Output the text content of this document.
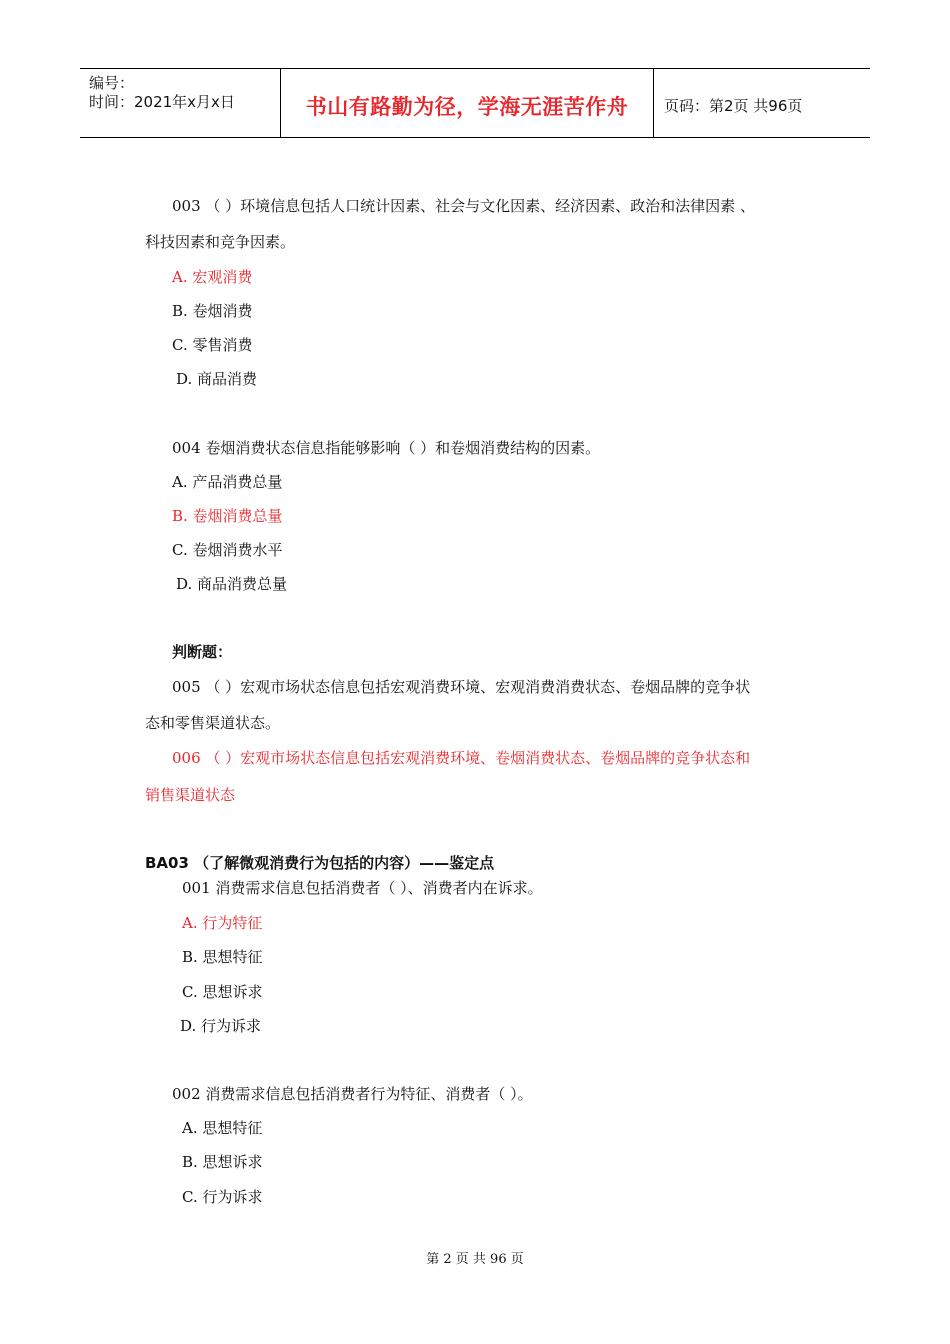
编号：
时间：2021年x月x日	书山有路勤为径，学海无涯苦作舟	页码：第2页 共96页
003 （ ）环境信息包括人口统计因素、社会与文化因素、经济因素、政治和法律因素 、
科技因素和竞争因素。
A. 宏观消费
B. 卷烟消费
C. 零售消费
D. 商品消费
004 卷烟消费状态信息指能够影响（ ）和卷烟消费结构的因素。
A. 产品消费总量
B. 卷烟消费总量
C. 卷烟消费水平
D. 商品消费总量
判断题：
005 （ ）宏观市场状态信息包括宏观消费环境、宏观消费消费状态、卷烟品牌的竞争状
态和零售渠道状态。
006 （ ）宏观市场状态信息包括宏观消费环境、卷烟消费状态、卷烟品牌的竞争状态和
销售渠道状态
BA03 （了解微观消费行为包括的内容）——鉴定点
001 消费需求信息包括消费者（ ）、消费者内在诉求。
A. 行为特征
B. 思想特征
C. 思想诉求
D. 行为诉求
002 消费需求信息包括消费者行为特征、消费者（ ）。
A. 思想特征
B. 思想诉求
C. 行为诉求
第 2 页 共 96 页
